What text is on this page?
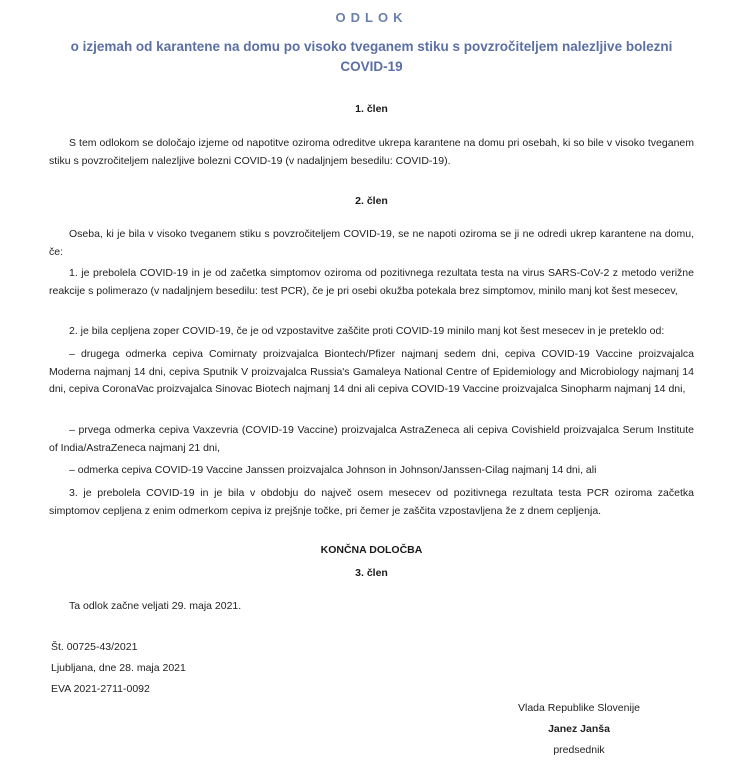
ODLOK
o izjemah od karantene na domu po visoko tveganem stiku s povzročiteljem nalezljive bolezni COVID-19
1. člen

S tem odlokom se določajo izjeme od napotitve oziroma odreditve ukrepa karantene na domu pri osebah, ki so bile v visoko tveganem stiku s povzročiteljem nalezljive bolezni COVID-19 (v nadaljnjem besedilu: COVID-19).

2. člen

Oseba, ki je bila v visoko tveganem stiku s povzročiteljem COVID-19, se ne napoti oziroma se ji ne odredi ukrep karantene na domu, če:

1. je prebolela COVID-19 in je od začetka simptomov oziroma od pozitivnega rezultata testa na virus SARS-CoV-2 z metodo verižne reakcije s polimerazo (v nadaljnjem besedilu: test PCR), če je pri osebi okužba potekala brez simptomov, minilo manj kot šest mesecev,

2. je bila cepljena zoper COVID-19, če je od vzpostavitve zaščite proti COVID-19 minilo manj kot šest mesecev in je preteklo od:

– drugega odmerka cepiva Comirnaty proizvajalca Biontech/Pfizer najmanj sedem dni, cepiva COVID-19 Vaccine proizvajalca Moderna najmanj 14 dni, cepiva Sputnik V proizvajalca Russia's Gamaleya National Centre of Epidemiology and Microbiology najmanj 14 dni, cepiva CoronaVac proizvajalca Sinovac Biotech najmanj 14 dni ali cepiva COVID-19 Vaccine proizvajalca Sinopharm najmanj 14 dni,

– prvega odmerka cepiva Vaxzevria (COVID-19 Vaccine) proizvajalca AstraZeneca ali cepiva Covishield proizvajalca Serum Institute of India/AstraZeneca najmanj 21 dni,

– odmerka cepiva COVID-19 Vaccine Janssen proizvajalca Johnson in Johnson/Janssen-Cilag najmanj 14 dni, ali

3. je prebolela COVID-19 in je bila v obdobju do največ osem mesecev od pozitivnega rezultata testa PCR oziroma začetka simptomov cepljena z enim odmerkom cepiva iz prejšnje točke, pri čemer je zaščita vzpostavljena že z dnem cepljenja.

KONČNA DOLOČBA
3. člen

Ta odlok začne veljati 29. maja 2021.

Št. 00725-43/2021
Ljubljana, dne 28. maja 2021
EVA 2021-2711-0092
Vlada Republike Slovenije
Janez Janša
predsednik
